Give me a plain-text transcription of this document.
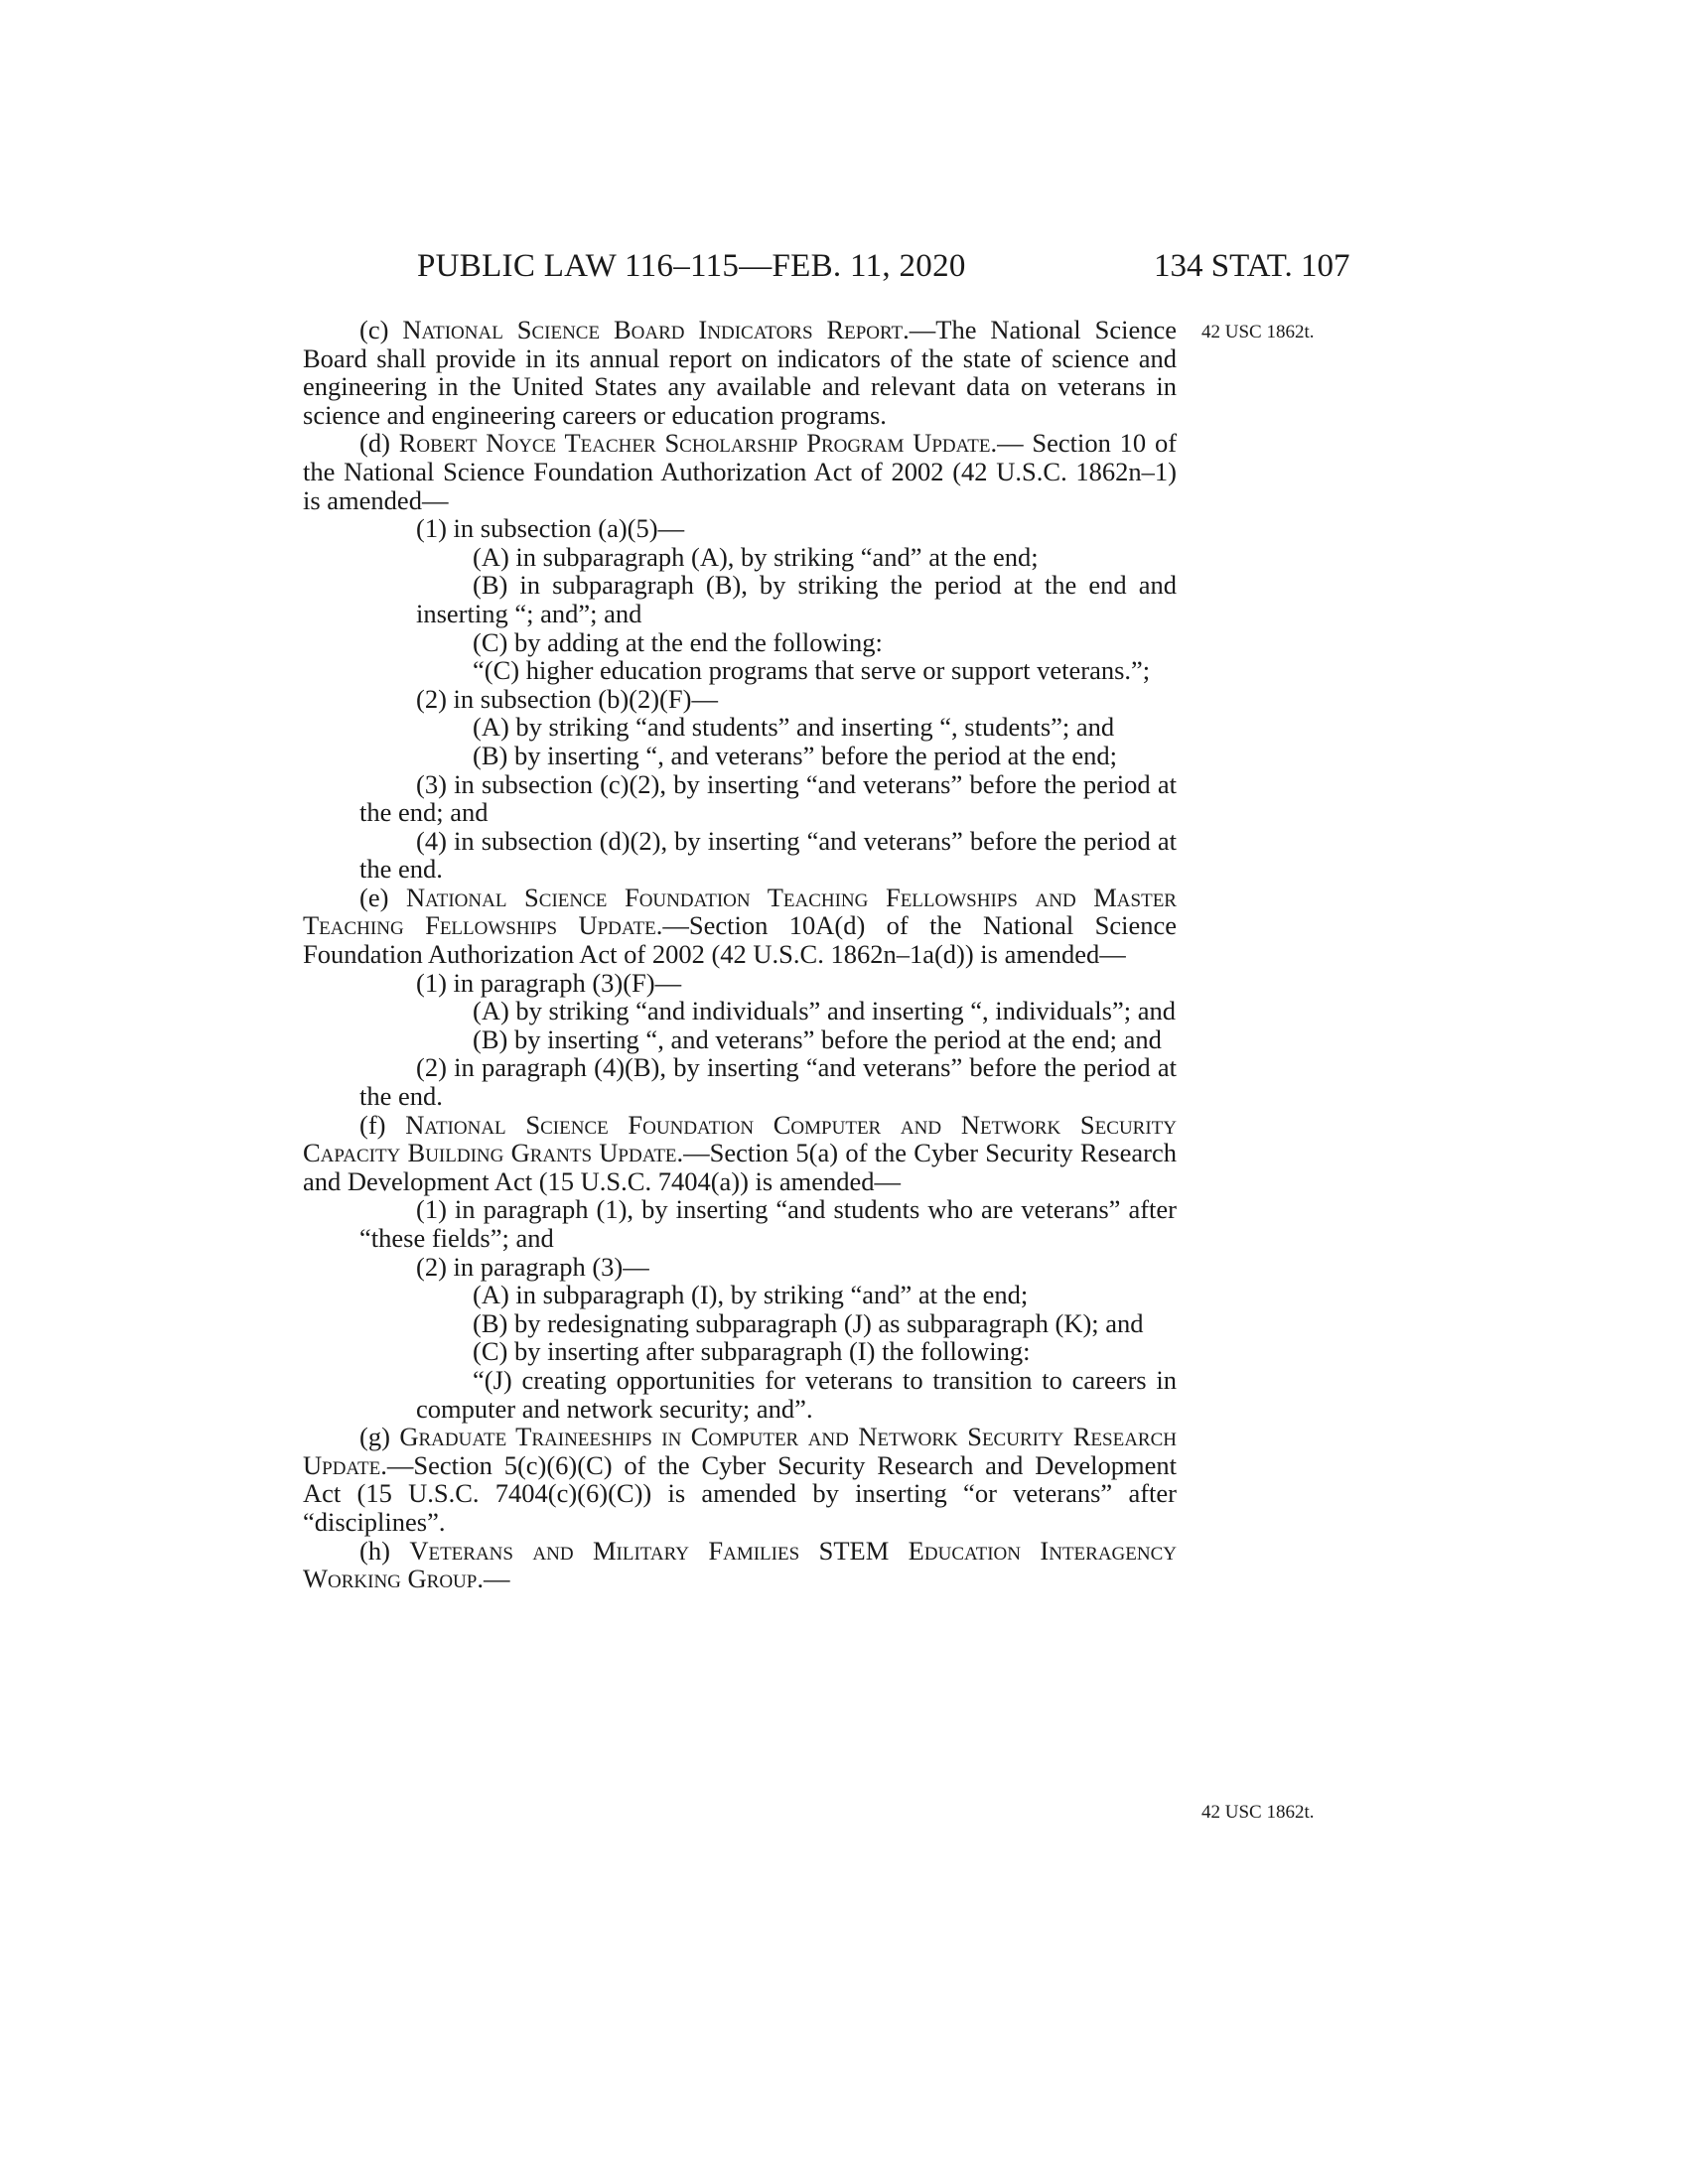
PUBLIC LAW 116–115—FEB. 11, 2020	134 STAT. 107
42 USC 1862t.
42 USC 1862t.

(c) National Science Board Indicators Report.—The National Science Board shall provide in its annual report on indicators of the state of science and engineering in the United States any available and relevant data on veterans in science and engineering careers or education programs.

(d) Robert Noyce Teacher Scholarship Program Update.— Section 10 of the National Science Foundation Authorization Act of 2002 (42 U.S.C. 1862n–1) is amended—

(1) in subsection (a)(5)—

(A) in subparagraph (A), by striking “and” at the end;

(B) in subparagraph (B), by striking the period at the end and inserting “; and”; and

(C) by adding at the end the following:

“(C) higher education programs that serve or support veterans.”;

(2) in subsection (b)(2)(F)—

(A) by striking “and students” and inserting “, students”; and

(B) by inserting “, and veterans” before the period at the end;

(3) in subsection (c)(2), by inserting “and veterans” before the period at the end; and

(4) in subsection (d)(2), by inserting “and veterans” before the period at the end.

(e) National Science Foundation Teaching Fellowships and Master Teaching Fellowships Update.—Section 10A(d) of the National Science Foundation Authorization Act of 2002 (42 U.S.C. 1862n–1a(d)) is amended—

(1) in paragraph (3)(F)—

(A) by striking “and individuals” and inserting “, individuals”; and

(B) by inserting “, and veterans” before the period at the end; and

(2) in paragraph (4)(B), by inserting “and veterans” before the period at the end.

(f) National Science Foundation Computer and Network Security Capacity Building Grants Update.—Section 5(a) of the Cyber Security Research and Development Act (15 U.S.C. 7404(a)) is amended—

(1) in paragraph (1), by inserting “and students who are veterans” after “these fields”; and

(2) in paragraph (3)—

(A) in subparagraph (I), by striking “and” at the end;

(B) by redesignating subparagraph (J) as subparagraph (K); and

(C) by inserting after subparagraph (I) the following:

“(J) creating opportunities for veterans to transition to careers in computer and network security; and”.

(g) Graduate Traineeships in Computer and Network Security Research Update.—Section 5(c)(6)(C) of the Cyber Security Research and Development Act (15 U.S.C. 7404(c)(6)(C)) is amended by inserting “or veterans” after “disciplines”.

(h) Veterans and Military Families STEM Education Interagency Working Group.—
